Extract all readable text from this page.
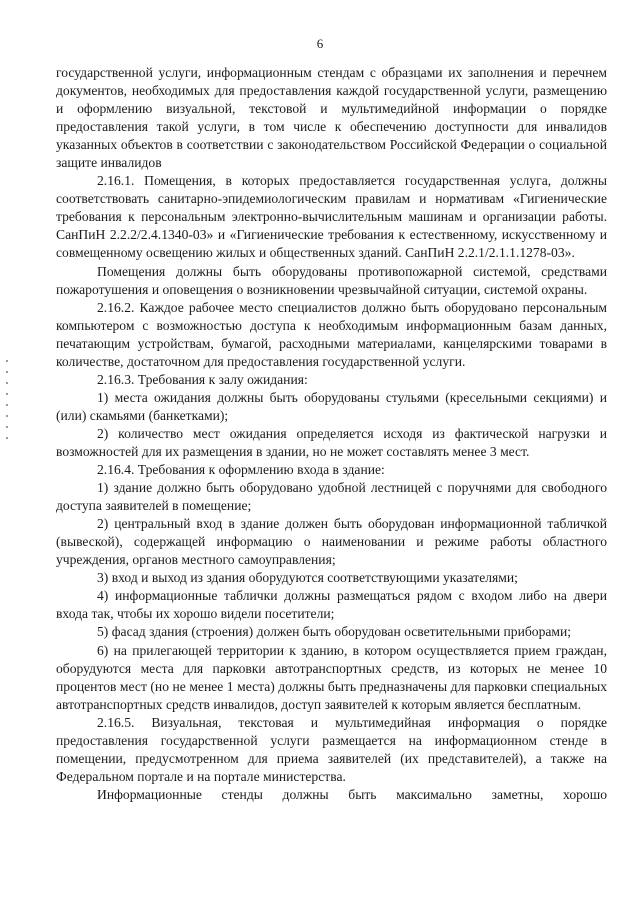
6

государственной услуги, информационным стендам с образцами их заполнения и перечнем документов, необходимых для предоставления каждой государственной услуги, размещению и оформлению визуальной, текстовой и мультимедийной информации о порядке предоставления такой услуги, в том числе к обеспечению доступности для инвалидов указанных объектов в соответствии с законодательством Российской Федерации о социальной защите инвалидов

2.16.1. Помещения, в которых предоставляется государственная услуга, должны соответствовать санитарно-эпидемиологическим правилам и нормативам «Гигиенические требования к персональным электронно-вычислительным машинам и организации работы. СанПиН 2.2.2/2.4.1340-03» и «Гигиенические требования к естественному, искусственному и совмещенному освещению жилых и общественных зданий. СанПиН 2.2.1/2.1.1.1278-03».

Помещения должны быть оборудованы противопожарной системой, средствами пожаротушения и оповещения о возникновении чрезвычайной ситуации, системой охраны.

2.16.2. Каждое рабочее место специалистов должно быть оборудовано персональным компьютером с возможностью доступа к необходимым информационным базам данных, печатающим устройствам, бумагой, расходными материалами, канцелярскими товарами в количестве, достаточном для предоставления государственной услуги.

2.16.3. Требования к залу ожидания:

1) места ожидания должны быть оборудованы стульями (кресельными секциями) и (или) скамьями (банкетками);

2) количество мест ожидания определяется исходя из фактической нагрузки и возможностей для их размещения в здании, но не может составлять менее 3 мест.

2.16.4. Требования к оформлению входа в здание:

1) здание должно быть оборудовано удобной лестницей с поручнями для свободного доступа заявителей в помещение;

2) центральный вход в здание должен быть оборудован информационной табличкой (вывеской), содержащей информацию о наименовании и режиме работы областного учреждения, органов местного самоуправления;

3) вход и выход из здания оборудуются соответствующими указателями;

4) информационные таблички должны размещаться рядом с входом либо на двери входа так, чтобы их хорошо видели посетители;

5) фасад здания (строения) должен быть оборудован осветительными приборами;

6) на прилегающей территории к зданию, в котором осуществляется прием граждан, оборудуются места для парковки автотранспортных средств, из которых не менее 10 процентов мест (но не менее 1 места) должны быть предназначены для парковки специальных автотранспортных средств инвалидов, доступ заявителей к которым является бесплатным.

2.16.5. Визуальная, текстовая и мультимедийная информация о порядке предоставления государственной услуги размещается на информационном стенде в помещении, предусмотренном для приема заявителей (их представителей), а также на Федеральном портале и на портале министерства.

Информационные стенды должны быть максимально заметны, хорошо
